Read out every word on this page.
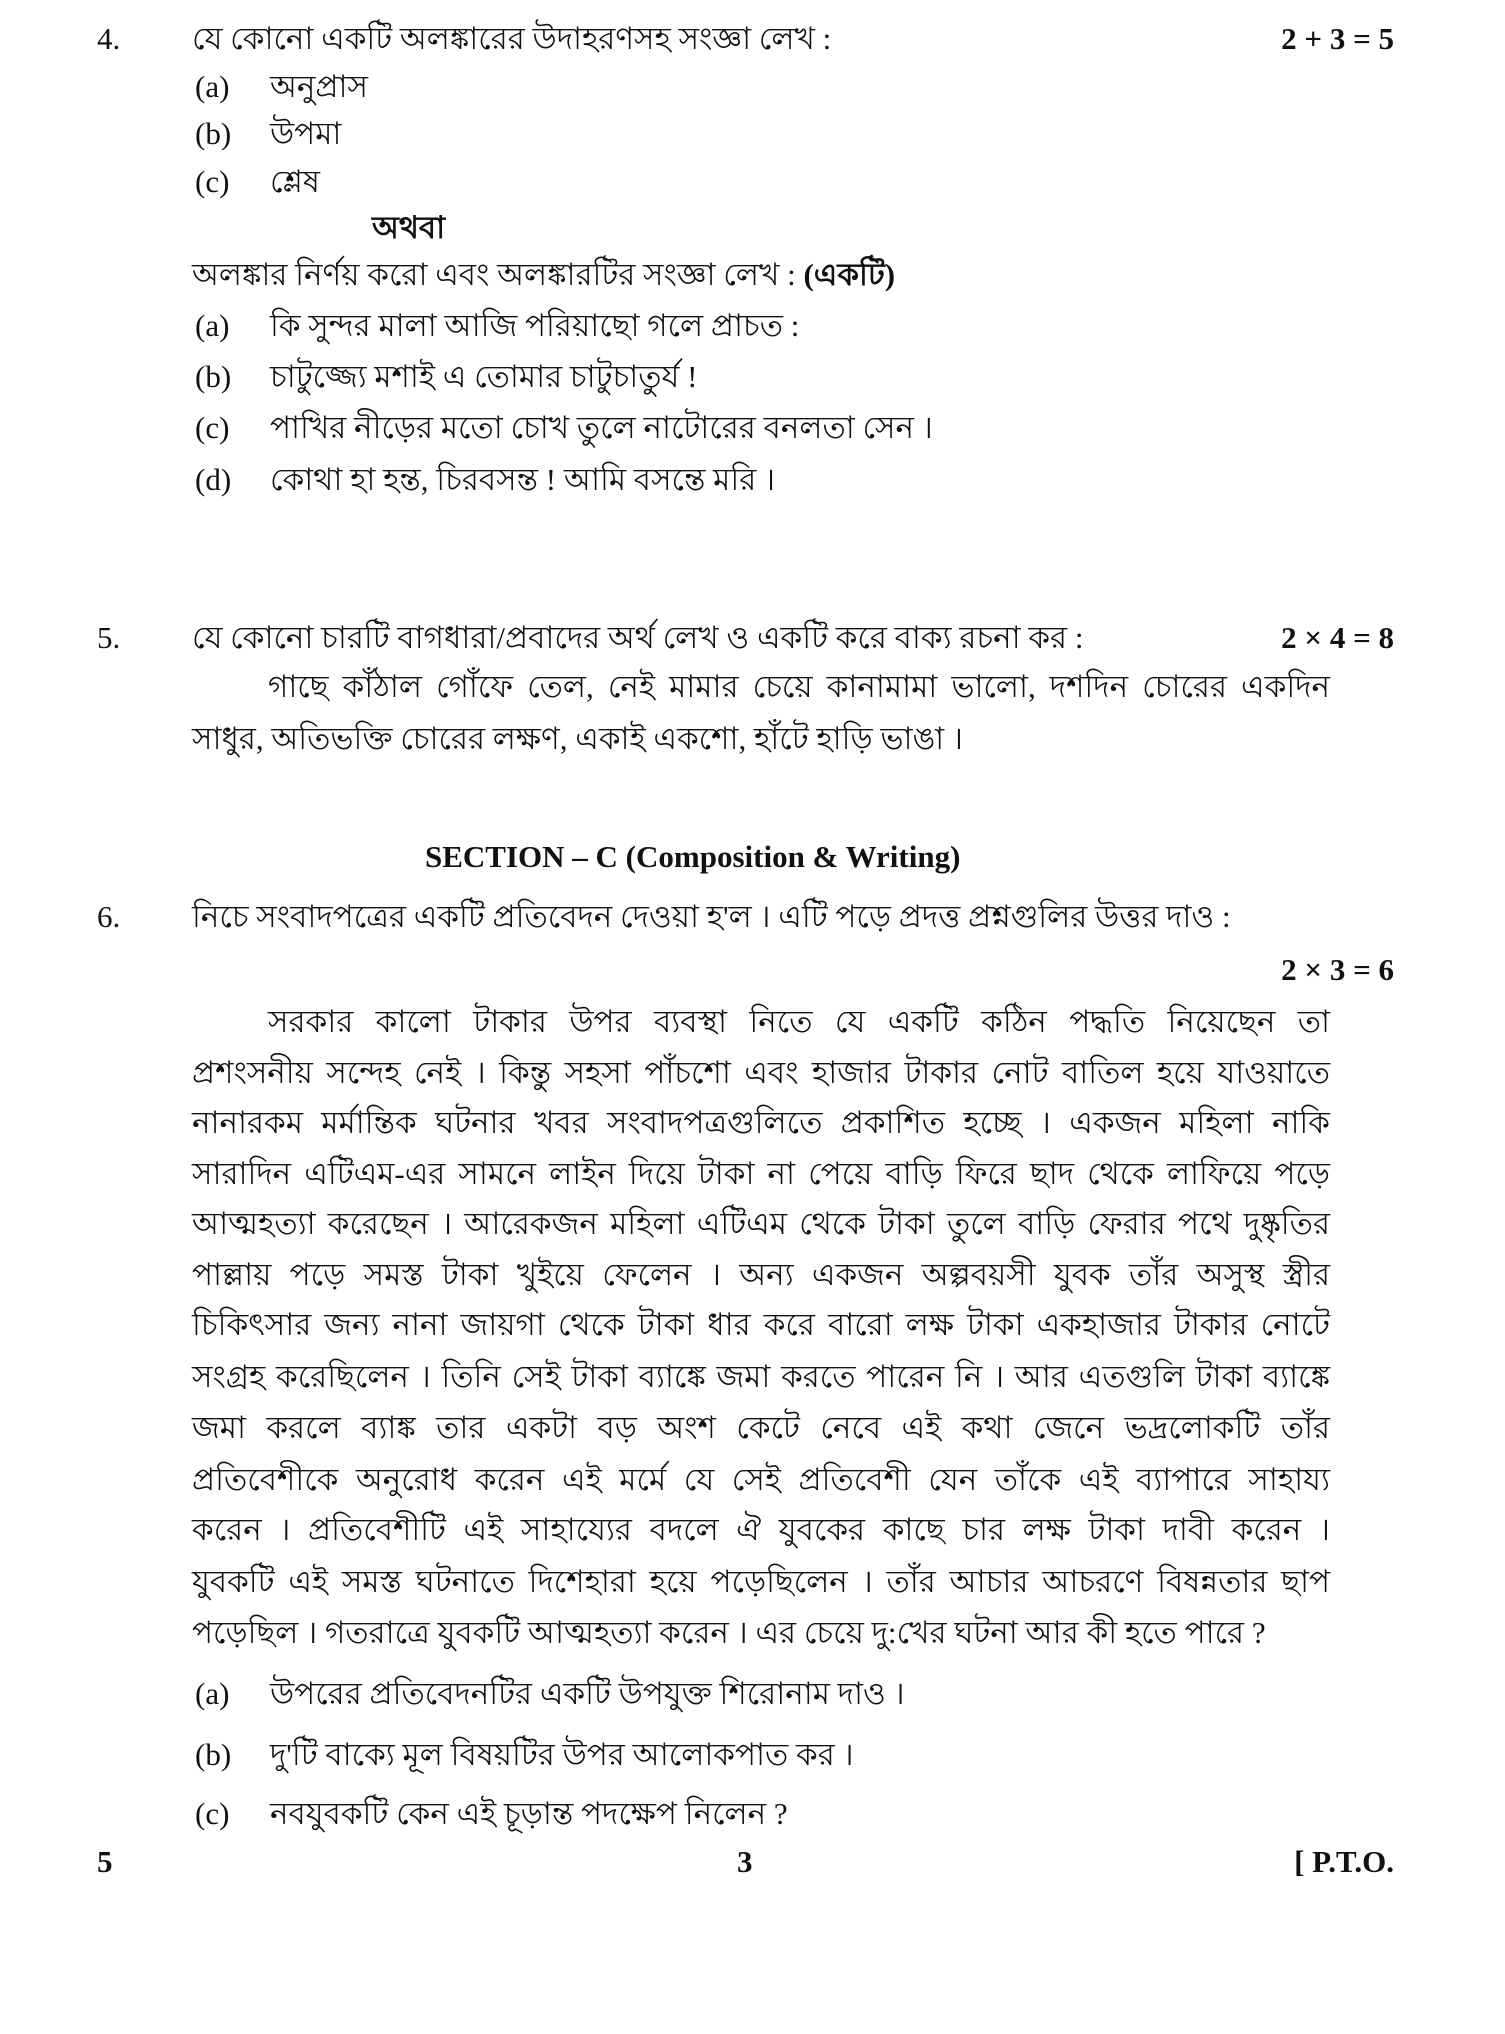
4. যে কোনো একটি অলঙ্কারের উদাহরণসহ সংজ্ঞা লেখ :	2 + 3 = 5
(a) অনুপ্রাস
(b) উপমা
(c) শ্লেষ
অথবা
অলঙ্কার নির্ণয় করো এবং অলঙ্কারটির সংজ্ঞা লেখ : (একটি)
(a) কি সুন্দর মালা আজি পরিয়াছো গলে প্রাচত :
(b) চাটুজ্জ্যে মশাই এ তোমার চাটুচাতুর্য !
(c) পাখির নীড়ের মতো চোখ তুলে নাটোরের বনলতা সেন ।
(d) কোথা হা হন্ত, চিরবসন্ত ! আমি বসন্তে মরি ।
5. যে কোনো চারটি বাগধারা/প্রবাদের অর্থ লেখ ও একটি করে বাক্য রচনা কর :	2 × 4 = 8
গাছে কাঁঠাল গোঁফে তেল, নেই মামার চেয়ে কানামামা ভালো, দশদিন চোরের একদিন
সাধুর, অতিভক্তি চোরের লক্ষণ, একাই একশো, হাঁটে হাড়ি ভাঙা ।
SECTION – C (Composition & Writing)
6. নিচে সংবাদপত্রের একটি প্রতিবেদন দেওয়া হ'ল । এটি পড়ে প্রদত্ত প্রশ্নগুলির উত্তর দাও :
2 × 3 = 6
সরকার কালো টাকার উপর ব্যবস্থা নিতে যে একটি কঠিন পদ্ধতি নিয়েছেন তা
প্রশংসনীয় সন্দেহ নেই । কিন্তু সহসা পাঁচশো এবং হাজার টাকার নোট বাতিল হয়ে যাওয়াতে
নানারকম মর্মান্তিক ঘটনার খবর সংবাদপত্রগুলিতে প্রকাশিত হচ্ছে । একজন মহিলা নাকি
সারাদিন এটিএম-এর সামনে লাইন দিয়ে টাকা না পেয়ে বাড়ি ফিরে ছাদ থেকে লাফিয়ে পড়ে
আত্মহত্যা করেছেন । আরেকজন মহিলা এটিএম থেকে টাকা তুলে বাড়ি ফেরার পথে দুষ্কৃতির
পাল্লায় পড়ে সমস্ত টাকা খুইয়ে ফেলেন । অন্য একজন অল্পবয়সী যুবক তাঁর অসুস্থ স্ত্রীর
চিকিৎসার জন্য নানা জায়গা থেকে টাকা ধার করে বারো লক্ষ টাকা একহাজার টাকার নোটে
সংগ্রহ করেছিলেন । তিনি সেই টাকা ব্যাঙ্কে জমা করতে পারেন নি । আর এতগুলি টাকা ব্যাঙ্কে
জমা করলে ব্যাঙ্ক তার একটা বড় অংশ কেটে নেবে এই কথা জেনে ভদ্রলোকটি তাঁর
প্রতিবেশীকে অনুরোধ করেন এই মর্মে যে সেই প্রতিবেশী যেন তাঁকে এই ব্যাপারে সাহায্য
করেন । প্রতিবেশীটি এই সাহায্যের বদলে ঐ যুবকের কাছে চার লক্ষ টাকা দাবী করেন ।
যুবকটি এই সমস্ত ঘটনাতে দিশেহারা হয়ে পড়েছিলেন । তাঁর আচার আচরণে বিষন্নতার ছাপ
পড়েছিল । গতরাত্রে যুবকটি আত্মহত্যা করেন । এর চেয়ে দু:খের ঘটনা আর কী হতে পারে ?
(a) উপরের প্রতিবেদনটির একটি উপযুক্ত শিরোনাম দাও ।
(b) দু'টি বাক্যে মূল বিষয়টির উপর আলোকপাত কর ।
(c) নবযুবকটি কেন এই চূড়ান্ত পদক্ষেপ নিলেন ?
5	3	[ P.T.O.
